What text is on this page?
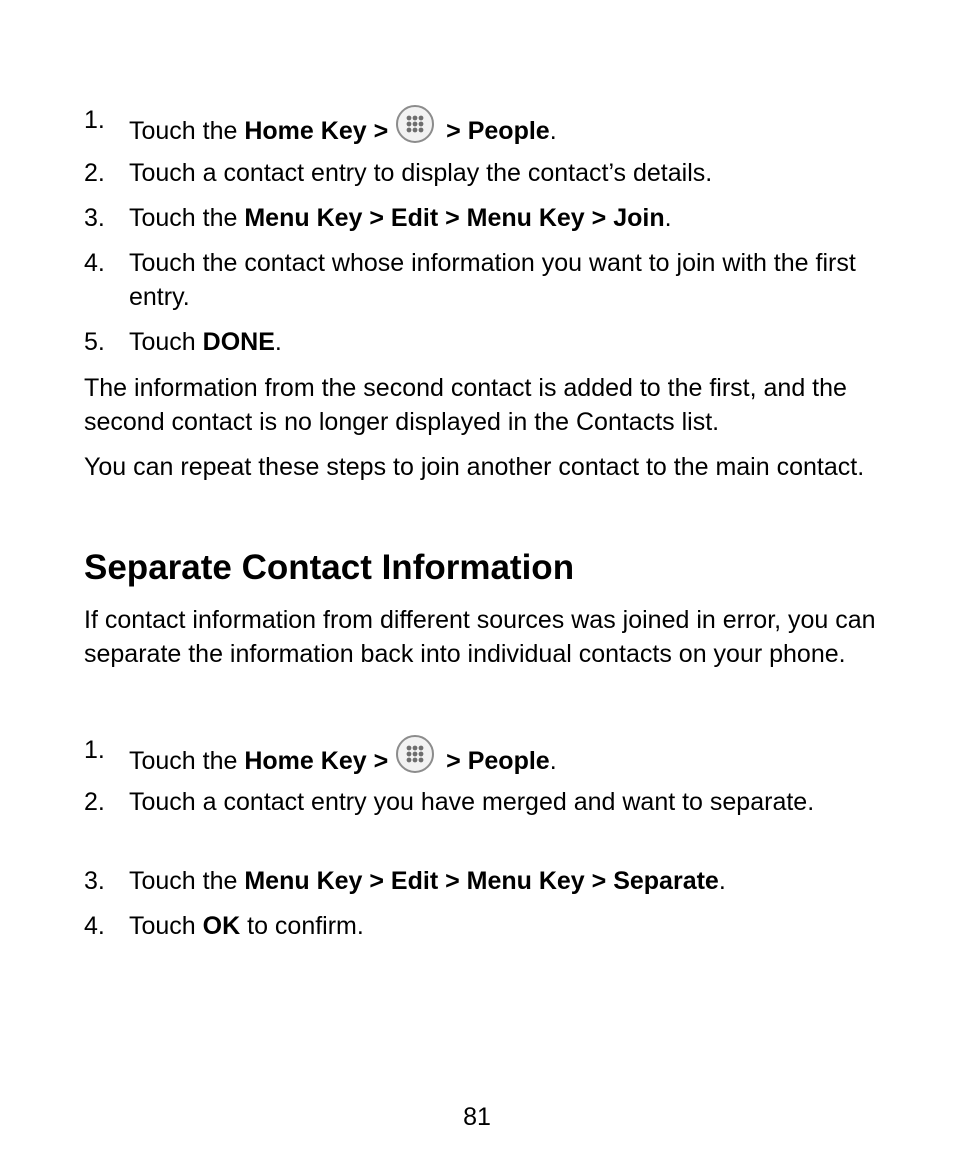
1. Touch the Home Key > > People.
2. Touch a contact entry to display the contact’s details.
3. Touch the Menu Key > Edit > Menu Key > Join.
4. Touch the contact whose information you want to join with the first entry.
5. Touch DONE.
The information from the second contact is added to the first, and the second contact is no longer displayed in the Contacts list.
You can repeat these steps to join another contact to the main contact.
Separate Contact Information
If contact information from different sources was joined in error, you can separate the information back into individual contacts on your phone.
1. Touch the Home Key > > People.
2. Touch a contact entry you have merged and want to separate.
3. Touch the Menu Key > Edit > Menu Key > Separate.
4. Touch OK to confirm.
81
